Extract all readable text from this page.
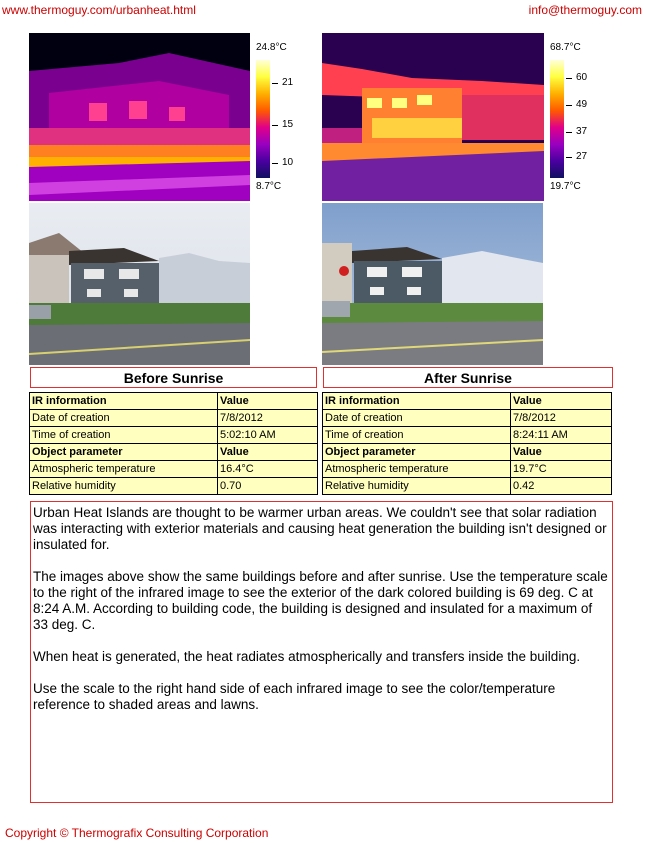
www.thermoguy.com/urbanheat.html	info@thermoguy.com
24.8°C
21
15
10
8.7°C
68.7°C
60
49
37
27
19.7°C
Before Sunrise	After Sunrise
IR information	Value
Date of creation	7/8/2012
Time of creation	5:02:10 AM
Object parameter	Value
Atmospheric temperature	16.4°C
Relative humidity	0.70
IR information	Value
Date of creation	7/8/2012
Time of creation	8:24:11 AM
Object parameter	Value
Atmospheric temperature	19.7°C
Relative humidity	0.42

Urban Heat Islands are thought to be warmer urban areas. We couldn't see that solar radiation was interacting with exterior materials and causing heat generation the building isn't designed or insulated for.

The images above show the same buildings before and after sunrise. Use the temperature scale to the right of the infrared image to see the exterior of the dark colored building is 69 deg. C at 8:24 A.M. According to building code, the building is designed and insulated for a maximum of 33 deg. C.

When heat is generated, the heat radiates atmospherically and transfers inside the building.

Use the scale to the right hand side of each infrared image to see the color/temperature reference to shaded areas and lawns.

Copyright © Thermografix Consulting Corporation
